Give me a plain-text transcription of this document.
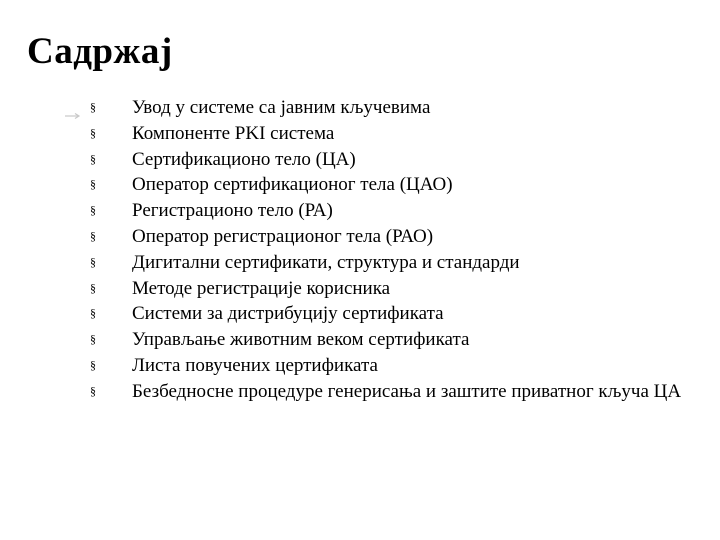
Садржај
§	Увод у системе са јавним кључевима
§	Компоненте PKI система
§	Сертификационо тело (ЦА)
§	Оператор сертификационог тела (ЦАО)
§	Регистрационо тело (РА)
§	Оператор регистрационог тела (РАО)
§	Дигитални сертификати, структура и стандарди
§	Методе регистрације корисника
§	Системи за дистрибуцију сертификата
§	Управљање животним веком сертификата
§	Листа повучених цертификата
§	Безбедносне процедуре генерисања и заштите приватног кључа ЦА
